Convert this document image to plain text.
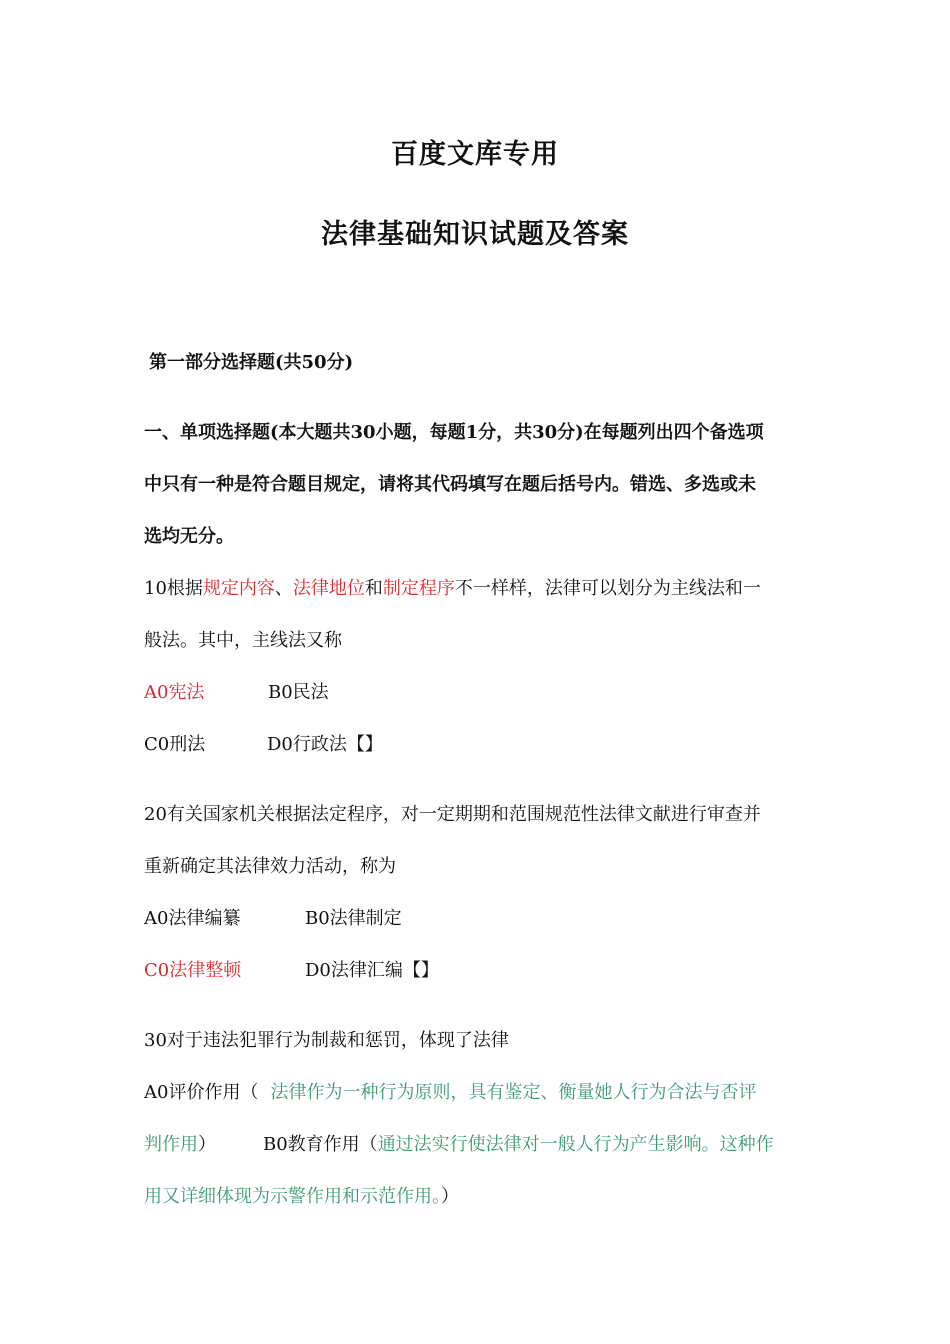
百度文库专用
法律基础知识试题及答案
第一部分选择题(共50分)
一、单项选择题(本大题共30小题，每题1分，共30分)在每题列出四个备选项
中只有一种是符合题目规定，请将其代码填写在题后括号内。错选、多选或未
选均无分。
10根据规定内容、法律地位和制定程序不一样样，法律可以划分为主线法和一
般法。其中，主线法又称
A0宪法	B0民法
C0刑法	D0行政法【】
20有关国家机关根据法定程序，对一定期期和范围规范性法律文献进行审查并
重新确定其法律效力活动，称为
A0法律编纂	B0法律制定
C0法律整顿	D0法律汇编【】
30对于违法犯罪行为制裁和惩罚，体现了法律
A0评价作用（ 法律作为一种行为原则，具有鉴定、衡量她人行为合法与否评
判作用）	B0教育作用（通过法实行使法律对一般人行为产生影响。这种作
用又详细体现为示警作用和示范作用。）
